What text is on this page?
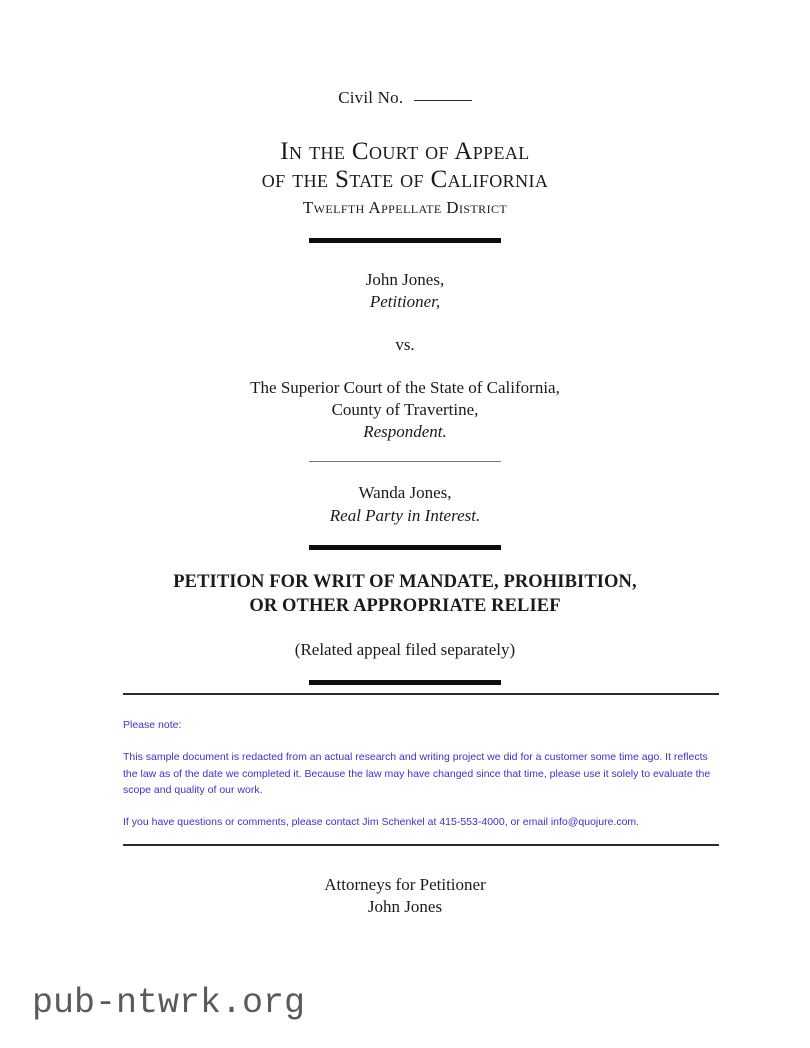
Civil No.
In the Court of Appeal
of the State of California
Twelfth Appellate District
John Jones,
Petitioner,
vs.
The Superior Court of the State of California,
County of Travertine,
Respondent.
Wanda Jones,
Real Party in Interest.
PETITION FOR WRIT OF MANDATE, PROHIBITION,
OR OTHER APPROPRIATE RELIEF
(Related appeal filed separately)
Please note:
This sample document is redacted from an actual research and writing project we did for a customer some time ago. It reflects the law as of the date we completed it. Because the law may have changed since that time, please use it solely to evaluate the scope and quality of our work.
If you have questions or comments, please contact Jim Schenkel at 415-553-4000, or email info@quojure.com.
Attorneys for Petitioner
John Jones
pub-ntwrk.org
